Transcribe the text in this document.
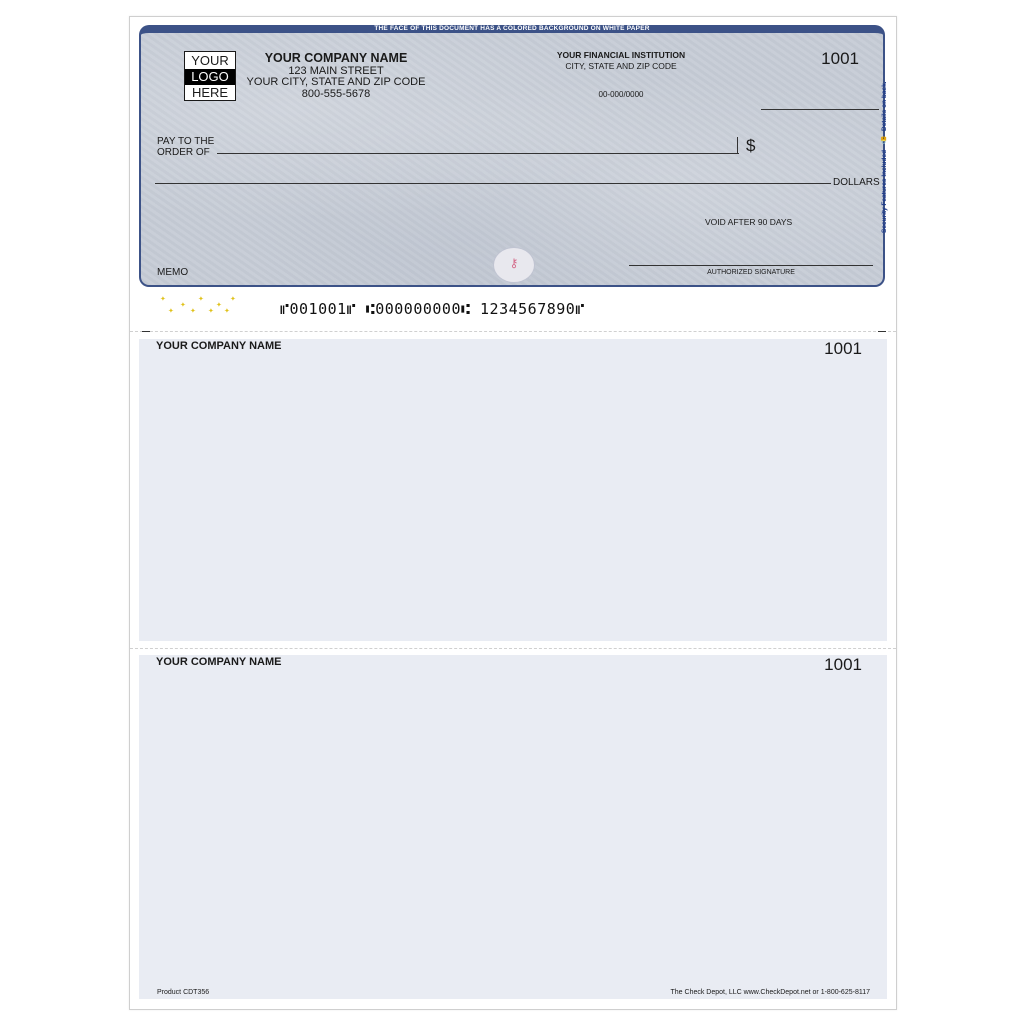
THE FACE OF THIS DOCUMENT HAS A COLORED BACKGROUND ON WHITE PAPER
YOUR
LOGO
HERE
YOUR COMPANY NAME
123 MAIN STREET
YOUR CITY, STATE AND ZIP CODE
800-555-5678
YOUR FINANCIAL INSTITUTION
CITY, STATE AND ZIP CODE
00-000/0000
1001
PAY TO THE
ORDER OF	$
DOLLARS
VOID AFTER 90 DAYS
MEMO
⚷
AUTHORIZED SIGNATURE
Security Features Included
🔒
Details on back.
✦
✦
✦
✦
✦
✦ ✦ ✦ ✦	⑈001001⑈ ⑆000000000⑆ 1234567890⑈
YOUR COMPANY NAME	1001
YOUR COMPANY NAME	1001
Product CDT356	The Check Depot, LLC www.CheckDepot.net or 1-800-625-8117
